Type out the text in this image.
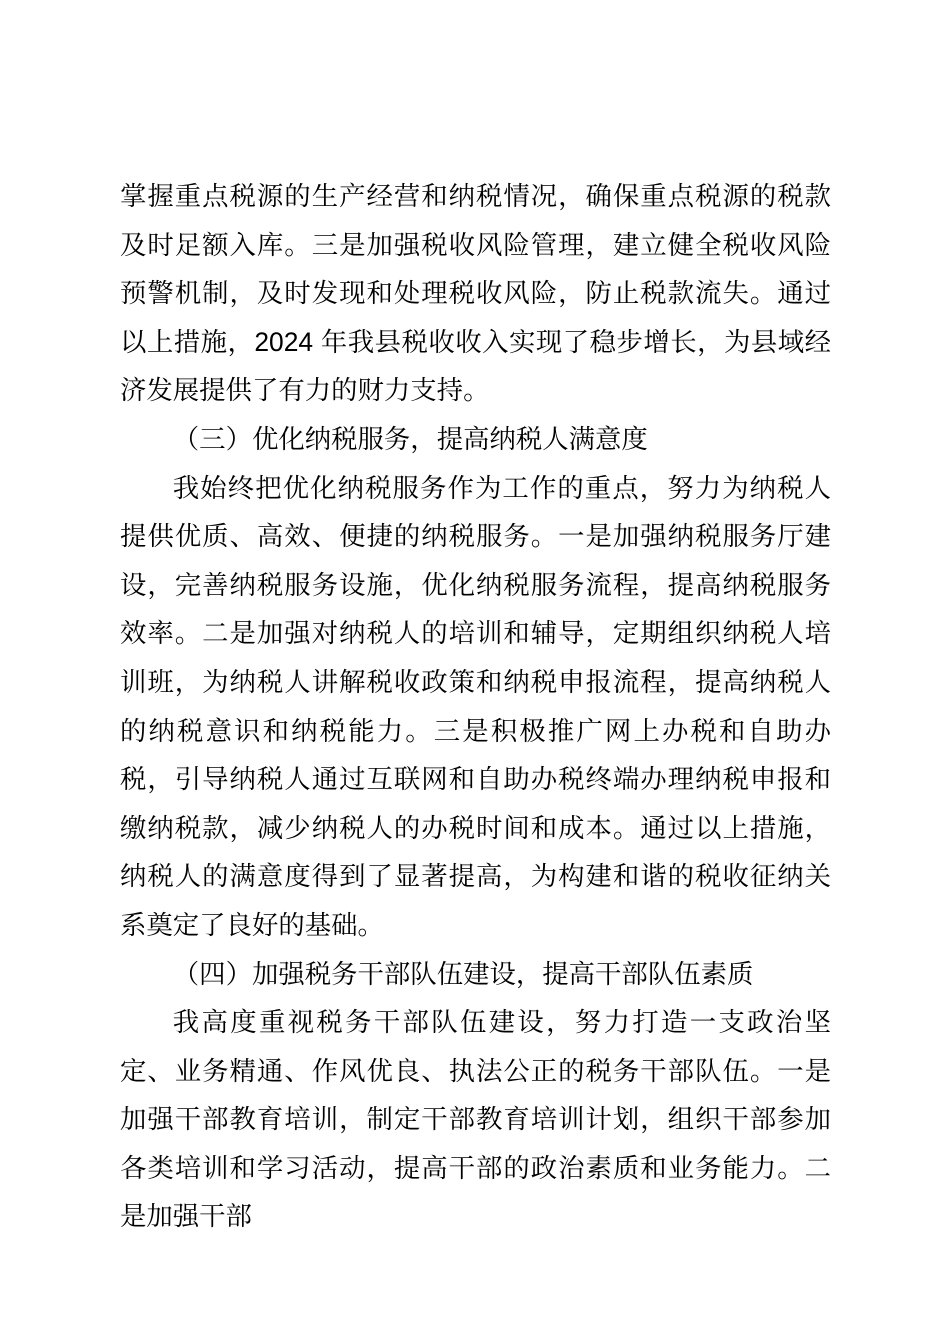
掌握重点税源的生产经营和纳税情况，确保重点税源的税款及时足额入库。三是加强税收风险管理，建立健全税收风险预警机制，及时发现和处理税收风险，防止税款流失。通过以上措施，2024 年我县税收收入实现了稳步增长，为县域经济发展提供了有力的财力支持。

（三）优化纳税服务，提高纳税人满意度

我始终把优化纳税服务作为工作的重点，努力为纳税人提供优质、高效、便捷的纳税服务。一是加强纳税服务厅建设，完善纳税服务设施，优化纳税服务流程，提高纳税服务效率。二是加强对纳税人的培训和辅导，定期组织纳税人培训班，为纳税人讲解税收政策和纳税申报流程，提高纳税人的纳税意识和纳税能力。三是积极推广网上办税和自助办税，引导纳税人通过互联网和自助办税终端办理纳税申报和缴纳税款，减少纳税人的办税时间和成本。通过以上措施，纳税人的满意度得到了显著提高，为构建和谐的税收征纳关系奠定了良好的基础。

（四）加强税务干部队伍建设，提高干部队伍素质

我高度重视税务干部队伍建设，努力打造一支政治坚定、业务精通、作风优良、执法公正的税务干部队伍。一是加强干部教育培训，制定干部教育培训计划，组织干部参加各类培训和学习活动，提高干部的政治素质和业务能力。二是加强干部
